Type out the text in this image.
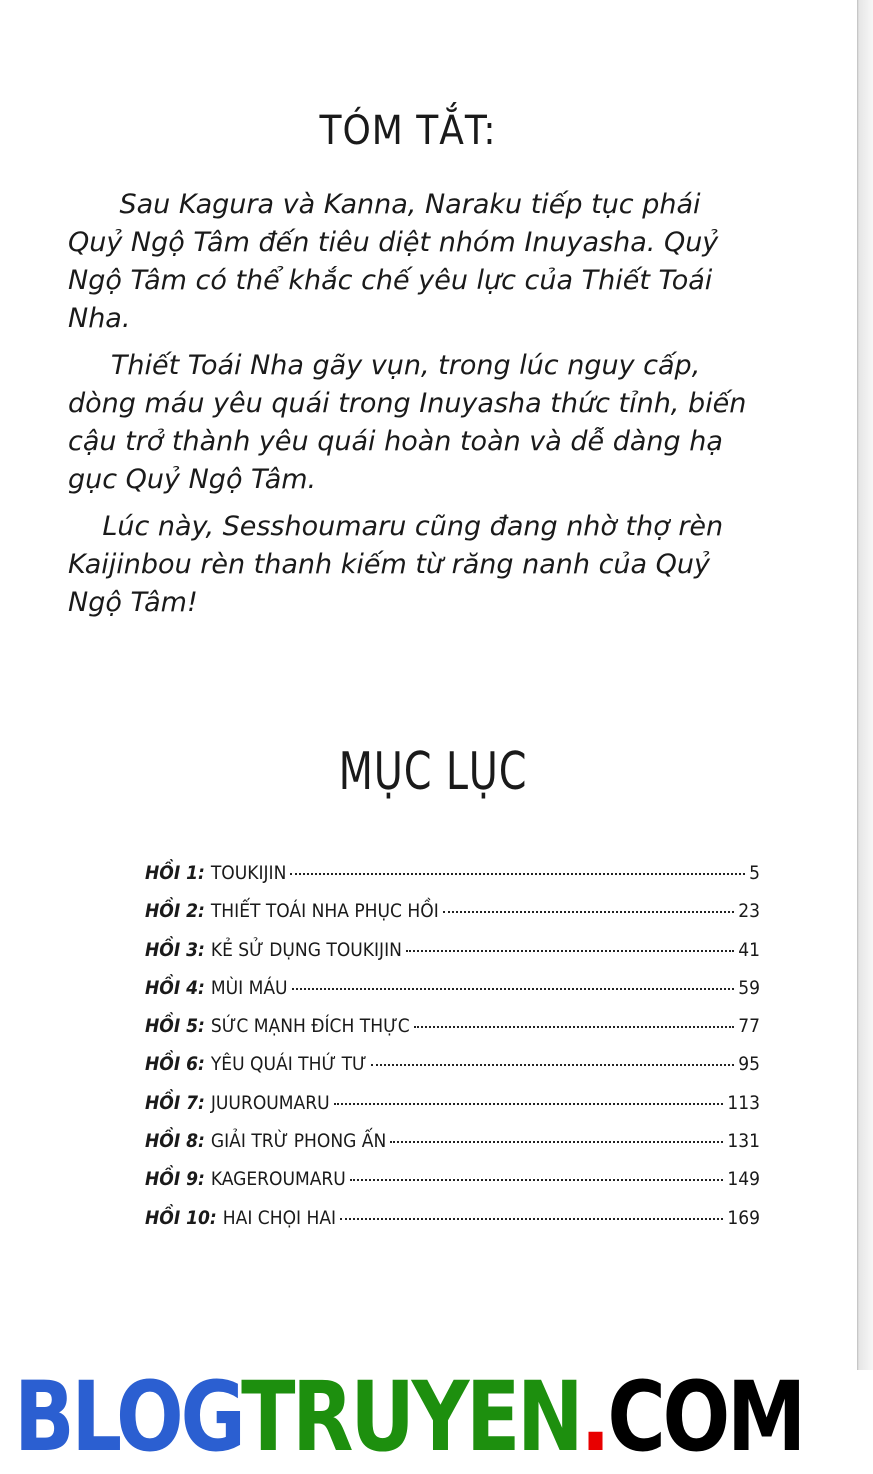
TÓM TẮT:

Sau Kagura và Kanna, Naraku tiếp tục phái
Quỷ Ngộ Tâm đến tiêu diệt nhóm Inuyasha. Quỷ
Ngộ Tâm có thể khắc chế yêu lực của Thiết Toái
Nha.

Thiết Toái Nha gãy vụn, trong lúc nguy cấp,
dòng máu yêu quái trong Inuyasha thức tỉnh, biến
cậu trở thành yêu quái hoàn toàn và dễ dàng hạ
gục Quỷ Ngộ Tâm.

Lúc này, Sesshoumaru cũng đang nhờ thợ rèn
Kaijinbou rèn thanh kiếm từ răng nanh của Quỷ
Ngộ Tâm!

MỤC LỤC
HỒI 1: TOUKIJIN	5
HỒI 2: THIẾT TOÁI NHA PHỤC HỒI	23
HỒI 3: KẺ SỬ DỤNG TOUKIJIN	41
HỒI 4: MÙI MÁU	59
HỒI 5: SỨC MẠNH ĐÍCH THỰC	77
HỒI 6: YÊU QUÁI THỨ TƯ	95
HỒI 7: JUUROUMARU	113
HỒI 8: GIẢI TRỪ PHONG ẤN	131
HỒI 9: KAGEROUMARU	149
HỒI 10: HAI CHỌI HAI	169
BLOGTRUYEN.COM
